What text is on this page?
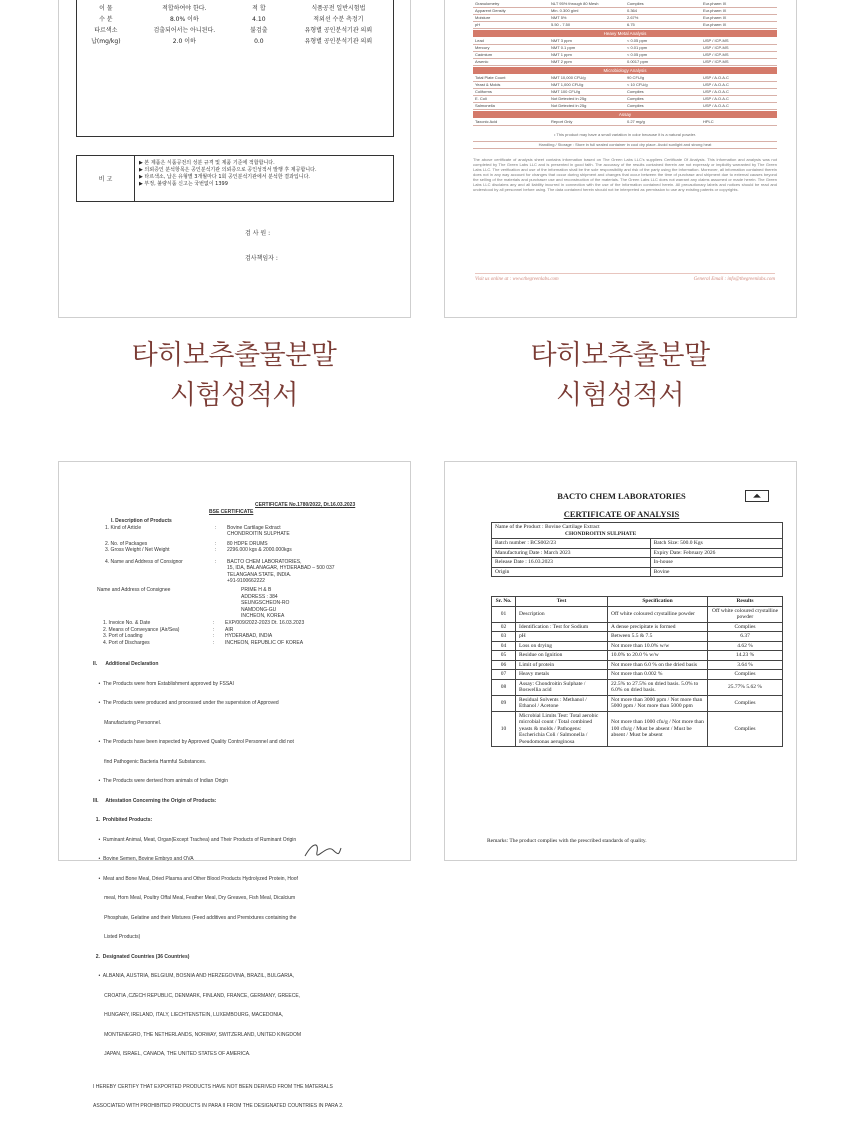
이 물	적합하여야 한다.	적 합	식품공전 일반시험법
수 분	8.0% 이하	4.10	적외선 수분 측정기
타르색소	검출되어서는 아니된다.	불검출	유형별 공인분석기관 의뢰
납(mg/kg)	2.0 이하	0.0	유형별 공인분석기관 의뢰
비 고
▶ 본 제품은 식품공전의 성분 규격 및 제품 기준에 적합합니다.
▶ 의뢰증인 분석항목은 공인분석기관 의뢰증으로 공인성적서 발행 후 제공합니다.
▶ 타르색소, 납은 유형별 3개월마다 1회 공인분석기관에서 분석한 결과입니다.
▶ 부정, 불량식품 신고는 국번없이 1399
검 사 원 :
검사책임자 :
Granulometry	NLT 95% through 80 Mesh	Complies	Eur.pharm IX
Apparent Density	Min. 0.300 g/ml	0.364	Eur.pharm IX
Moisture	NMT 5%	2.67%	Eur.pharm IX
pH	5.50 - 7.50	6.75	Eur.pharm IX
Heavy Metal Analysis
Lead	NMT 3 ppm	< 0.05 ppm	USP / ICP-MS
Mercury	NMT 0.1 ppm	< 0.01 ppm	USP / ICP-MS
Cadmium	NMT 1 ppm	< 0.05 ppm	USP / ICP-MS
Arsenic	NMT 2 ppm	0.0017 ppm	USP / ICP-MS
Microbiology Analysis
Total Plate Count	NMT 10,000 CFU/g	90 CFU/g	USP / A.O.A.C
Yeast & Molds	NMT 1,000 CFU/g	< 10 CFU/g	USP / A.O.A.C
Coliforms	NMT 100 CFU/g	Complies	USP / A.O.A.C
E. Coli	Not Detected in 25g	Complies	USP / A.O.A.C
Salmonella	Not Detected in 25g	Complies	USP / A.O.A.C
Assay
Taxonic Acid	Report Only	0.27 mg/g	HPLC
• This product may have a small variation in color because it is a natural powder.
Handling / Storage : Store in full sealed container in cool dry place. Avoid sunlight and strong heat
The above certificate of analysis sheet contains information based on The Green Labs LLC's suppliers Certificate Of Analysis. This information and analysis was not completed by The Green Labs LLC and is presented in good faith. The accuracy of the results contained therein are not expressly or implicitly warranted by The Green Labs LLC. The verification and use of the information shall be the sole responsibility and risk of the party using the information. Moreover, all information contained therein does not in any way account for changes that occur during shipment and changes that occur between the time of purchase and shipment due to external causes beyond the selling of the materials and purchaser use and reconstruction of the materials. The Green Labs LLC does not warrant any claims assumed or made herein. The Green Labs LLC disclaims any and all liability incurred in connection with the use of the information contained herein. All precautionary labels and notices should be read and understood by all personnel before using. The data contained herein should not be interpreted as permission to use any existing patents or copyrights.
Visit us online at : www.thegreenlabs.com	General Email : info@thegreenlabs.com
타히보추출물분말
시험성적서
타히보추출분말
시험성적서
CERTIFICATE No.1780/2022, Dt.16.03.2023
BSE CERTIFICATE
I. Description of Products
1. Kind of Article	:	Bovine Cartilage Extract
CHONDROITIN SULPHATE
2. No. of Packages	:	80 HDPE DRUMS
3. Gross Weight / Net Weight	:	2296.000 kgs & 2000.000kgs
4. Name and Address of Consignor	:	BACTO CHEM LABORATORIES,
15, IDA, BALANAGAR, HYDERABAD – 500 037
TELANGANA STATE, INDIA.
+91-9100662222
Name and Address of Consignee	PRIME H & B
ADDRESS : 384
SEUNGSCHEON-RO
NAMDONG-GU
INCHEON, KOREA
1. Invoice No. & Date	:	EXP/009/2022-2023 Dt. 16.03.2023
2. Means of Conveyance (Air/Sea)	:	AIR
3. Port of Loading	:	HYDERABAD, INDIA
4. Port of Discharges	:	INCHEON, REPUBLIC OF KOREA

II.      Additional Declaration

•  The Products were from Establishment approved by FSSAI

•  The Products were produced and processed under the supervision of Approved

Manufacturing Personnel.

•  The Products have been inspected by Approved Quality Control Personnel and did not

find Pathogenic Bacteria Harmful Substances.

•  The Products were derived from animals of Indian Origin

III.     Attestation Concerning the Origin of Products:

1.  Prohibited Products:

•  Ruminant Animal, Meat, Organ(Except Trachea) and Their Products of Ruminant Origin

•  Bovine Semen, Bovine Embryo and OVA

•  Meat and Bone Meal, Dried Plasma and Other Blood Products Hydrolyzed Protein, Hoof

meal, Horn Meal, Poultry Offal Meal, Feather Meal, Dry Greaves, Fish Meal, Dicalcium

Phosphate, Gelatine and their Mixtures (Feed additives and Premixtures containing the

Listed Products)

2.  Designated Countries (36 Countries)

•  ALBANIA, AUSTRIA, BELGIUM, BOSNIA AND HERZEGOVINA, BRAZIL, BULGARIA,

CROATIA ,CZECH REPUBLIC, DENMARK, FINLAND, FRANCE, GERMANY, GREECE,

HUNGARY, IRELAND, ITALY, LIECHTENSTEIN, LUXEMBOURG, MACEDONIA,

MONTENEGRO, THE NETHERLANDS, NORWAY, SWITZERLAND, UNITED KINGDOM

JAPAN, ISRAEL, CANADA, THE UNITED STATES OF AMERICA.

I HEREBY CERTIFY THAT EXPORTED PRODUCTS HAVE NOT BEEN DERIVED FROM THE MATERIALS

ASSOCIATED WITH PROHIBITED PRODUCTS IN PARA II FROM THE DESIGNATED COUNTRIES IN PARA 2.

BACTO CHEM LABORATORIES	◢◣
CERTIFICATE OF ANALYSIS
Name of the Product : Bovine Cartilage Extract
CHONDROITIN SULPHATE	
Batch number : BCS002/23	Batch Size: 500.0 Kgs
Manufacturing Date : March 2023	Expiry Date: February 2026
Release Date : 16.03.2023	In-house
Origin	Bovine
Sr. No.	Test	Specification	Results
01	Description	Off white coloured crystalline powder	Off white coloured crystalline powder
02	Identification : Test for Sodium	A dense precipitate is formed	Complies
03	pH	Between 5.5 & 7.5	6.37
04	Loss on drying	Not more than 10.0% w/w	4.62 %
05	Residue on Ignition	10.0% to 20.0 % w/w	14.23 %
06	Limit of protein	Not more than 6.0 % on the dried basis	3.64 %
07	Heavy metals	Not more than 0.002 %	Complies
08	Assay: Chondroitin Sulphate / Boswellia acid	22.5% to 27.5% on dried basis. 5.0% to 6.0% on dried basis.	25.77% 5.62 %
09	Residual Solvents : Methanol / Ethanol / Acetone	Not more than 3000 ppm / Not more than 5000 ppm / Not more than 5000 ppm	Complies
10	Microbial Limits Test: Total aerobic microbial count / Total combined yeasts & molds / Pathogens: Escherichia Coli / Salmonella / Pseudomonas aeruginosa	Not more than 1000 cfu/g / Not more than 100 cfu/g / Must be absent / Must be absent / Must be absent	Complies
Remarks: The product complies with the prescribed standards of quality.
